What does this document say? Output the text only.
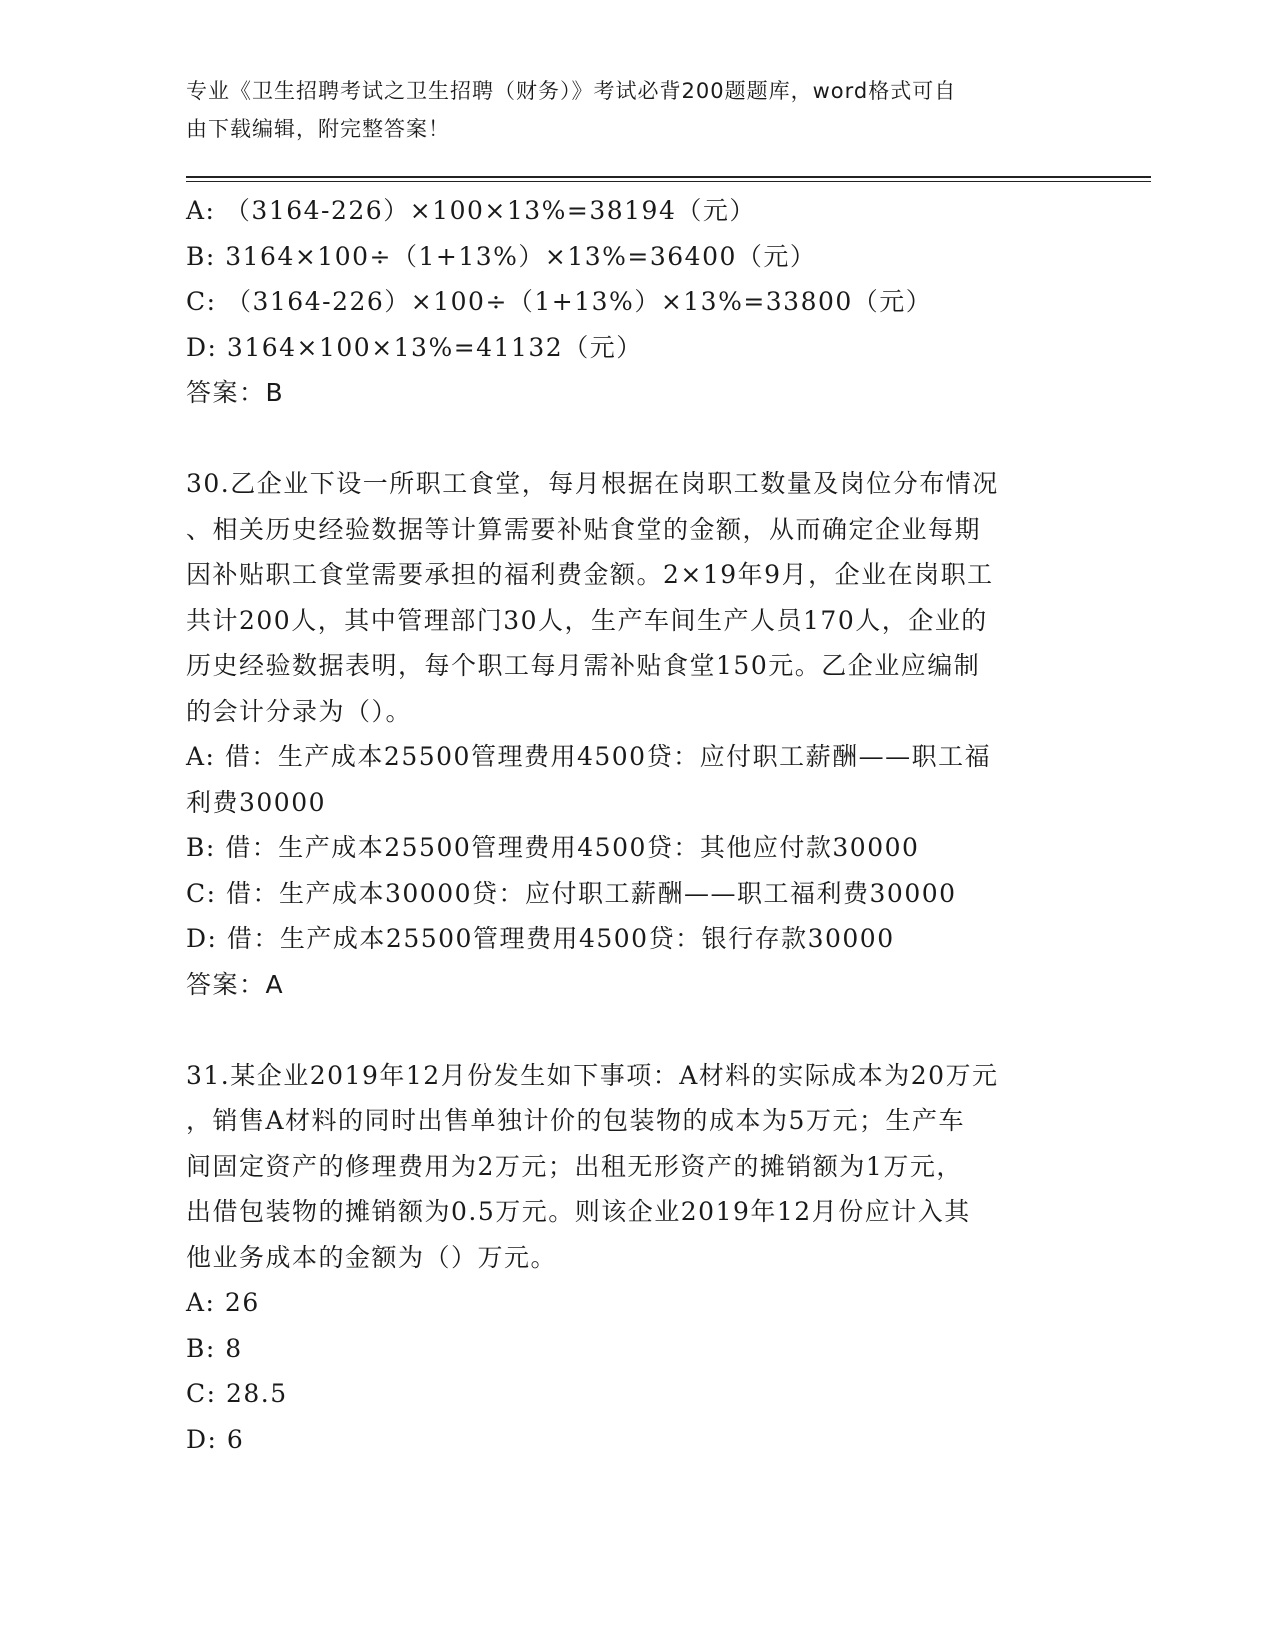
专业《卫生招聘考试之卫生招聘（财务）》考试必背200题题库，word格式可自
由下载编辑，附完整答案！
A: （3164-226）×100×13%=38194（元）
B: 3164×100÷（1+13%）×13%=36400（元）
C: （3164-226）×100÷（1+13%）×13%=33800（元）
D: 3164×100×13%=41132（元）
答案：B
30.乙企业下设一所职工食堂，每月根据在岗职工数量及岗位分布情况
、相关历史经验数据等计算需要补贴食堂的金额，从而确定企业每期
因补贴职工食堂需要承担的福利费金额。2×19年9月，企业在岗职工
共计200人，其中管理部门30人，生产车间生产人员170人，企业的
历史经验数据表明，每个职工每月需补贴食堂150元。乙企业应编制
的会计分录为（）。
A: 借：生产成本25500管理费用4500贷：应付职工薪酬——职工福
利费30000
B: 借：生产成本25500管理费用4500贷：其他应付款30000
C: 借：生产成本30000贷：应付职工薪酬——职工福利费30000
D: 借：生产成本25500管理费用4500贷：银行存款30000
答案：A
31.某企业2019年12月份发生如下事项：A材料的实际成本为20万元
，销售A材料的同时出售单独计价的包装物的成本为5万元；生产车
间固定资产的修理费用为2万元；出租无形资产的摊销额为1万元，
出借包装物的摊销额为0.5万元。则该企业2019年12月份应计入其
他业务成本的金额为（）万元。
A: 26
B: 8
C: 28.5
D: 6
